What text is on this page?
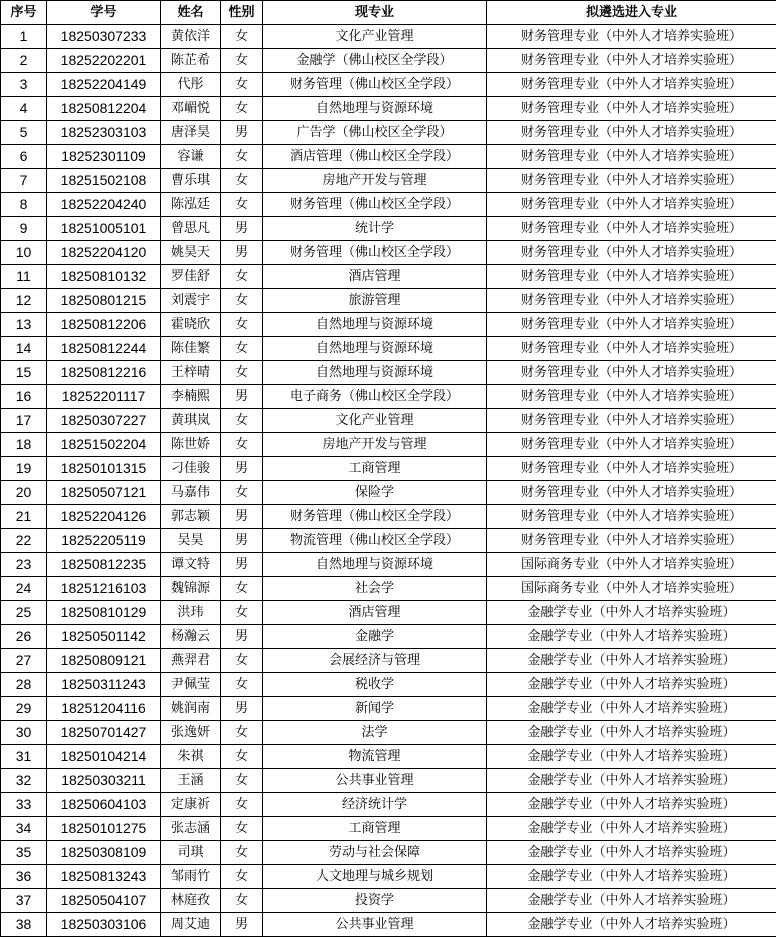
序号	学号	姓名	性别	现专业	拟遴选进入专业
1	18250307233	黄依洋	女	文化产业管理	财务管理专业（中外人才培养实验班）
2	18252202201	陈芷希	女	金融学（佛山校区全学段）	财务管理专业（中外人才培养实验班）
3	18252204149	代彤	女	财务管理（佛山校区全学段）	财务管理专业（中外人才培养实验班）
4	18250812204	邓嵋悦	女	自然地理与资源环境	财务管理专业（中外人才培养实验班）
5	18252303103	唐泽昊	男	广告学（佛山校区全学段）	财务管理专业（中外人才培养实验班）
6	18252301109	容谦	女	酒店管理（佛山校区全学段）	财务管理专业（中外人才培养实验班）
7	18251502108	曹乐琪	女	房地产开发与管理	财务管理专业（中外人才培养实验班）
8	18252204240	陈泓廷	女	财务管理（佛山校区全学段）	财务管理专业（中外人才培养实验班）
9	18251005101	曾思凡	男	统计学	财务管理专业（中外人才培养实验班）
10	18252204120	姚昊天	男	财务管理（佛山校区全学段）	财务管理专业（中外人才培养实验班）
11	18250810132	罗佳舒	女	酒店管理	财务管理专业（中外人才培养实验班）
12	18250801215	刘震宇	女	旅游管理	财务管理专业（中外人才培养实验班）
13	18250812206	霍晓欣	女	自然地理与资源环境	财务管理专业（中外人才培养实验班）
14	18250812244	陈佳繁	女	自然地理与资源环境	财务管理专业（中外人才培养实验班）
15	18250812216	王梓晴	女	自然地理与资源环境	财务管理专业（中外人才培养实验班）
16	18252201117	李楠熙	男	电子商务（佛山校区全学段）	财务管理专业（中外人才培养实验班）
17	18250307227	黄琪岚	女	文化产业管理	财务管理专业（中外人才培养实验班）
18	18251502204	陈世娇	女	房地产开发与管理	财务管理专业（中外人才培养实验班）
19	18250101315	刁佳骏	男	工商管理	财务管理专业（中外人才培养实验班）
20	18250507121	马嘉伟	女	保险学	财务管理专业（中外人才培养实验班）
21	18252204126	郭志颖	男	财务管理（佛山校区全学段）	财务管理专业（中外人才培养实验班）
22	18252205119	吴昊	男	物流管理（佛山校区全学段）	财务管理专业（中外人才培养实验班）
23	18250812235	谭文特	男	自然地理与资源环境	国际商务专业（中外人才培养实验班）
24	18251216103	魏锦源	女	社会学	国际商务专业（中外人才培养实验班）
25	18250810129	洪玮	女	酒店管理	金融学专业（中外人才培养实验班）
26	18250501142	杨瀚云	男	金融学	金融学专业（中外人才培养实验班）
27	18250809121	燕羿君	女	会展经济与管理	金融学专业（中外人才培养实验班）
28	18250311243	尹佩莹	女	税收学	金融学专业（中外人才培养实验班）
29	18251204116	姚润南	男	新闻学	金融学专业（中外人才培养实验班）
30	18250701427	张逸妍	女	法学	金融学专业（中外人才培养实验班）
31	18250104214	朱祺	女	物流管理	金融学专业（中外人才培养实验班）
32	18250303211	王涵	女	公共事业管理	金融学专业（中外人才培养实验班）
33	18250604103	定康祈	女	经济统计学	金融学专业（中外人才培养实验班）
34	18250101275	张志涵	女	工商管理	金融学专业（中外人才培养实验班）
35	18250308109	司琪	女	劳动与社会保障	金融学专业（中外人才培养实验班）
36	18250813243	邹雨竹	女	人文地理与城乡规划	金融学专业（中外人才培养实验班）
37	18250504107	林庭孜	女	投资学	金融学专业（中外人才培养实验班）
38	18250303106	周艾迪	男	公共事业管理	金融学专业（中外人才培养实验班）
